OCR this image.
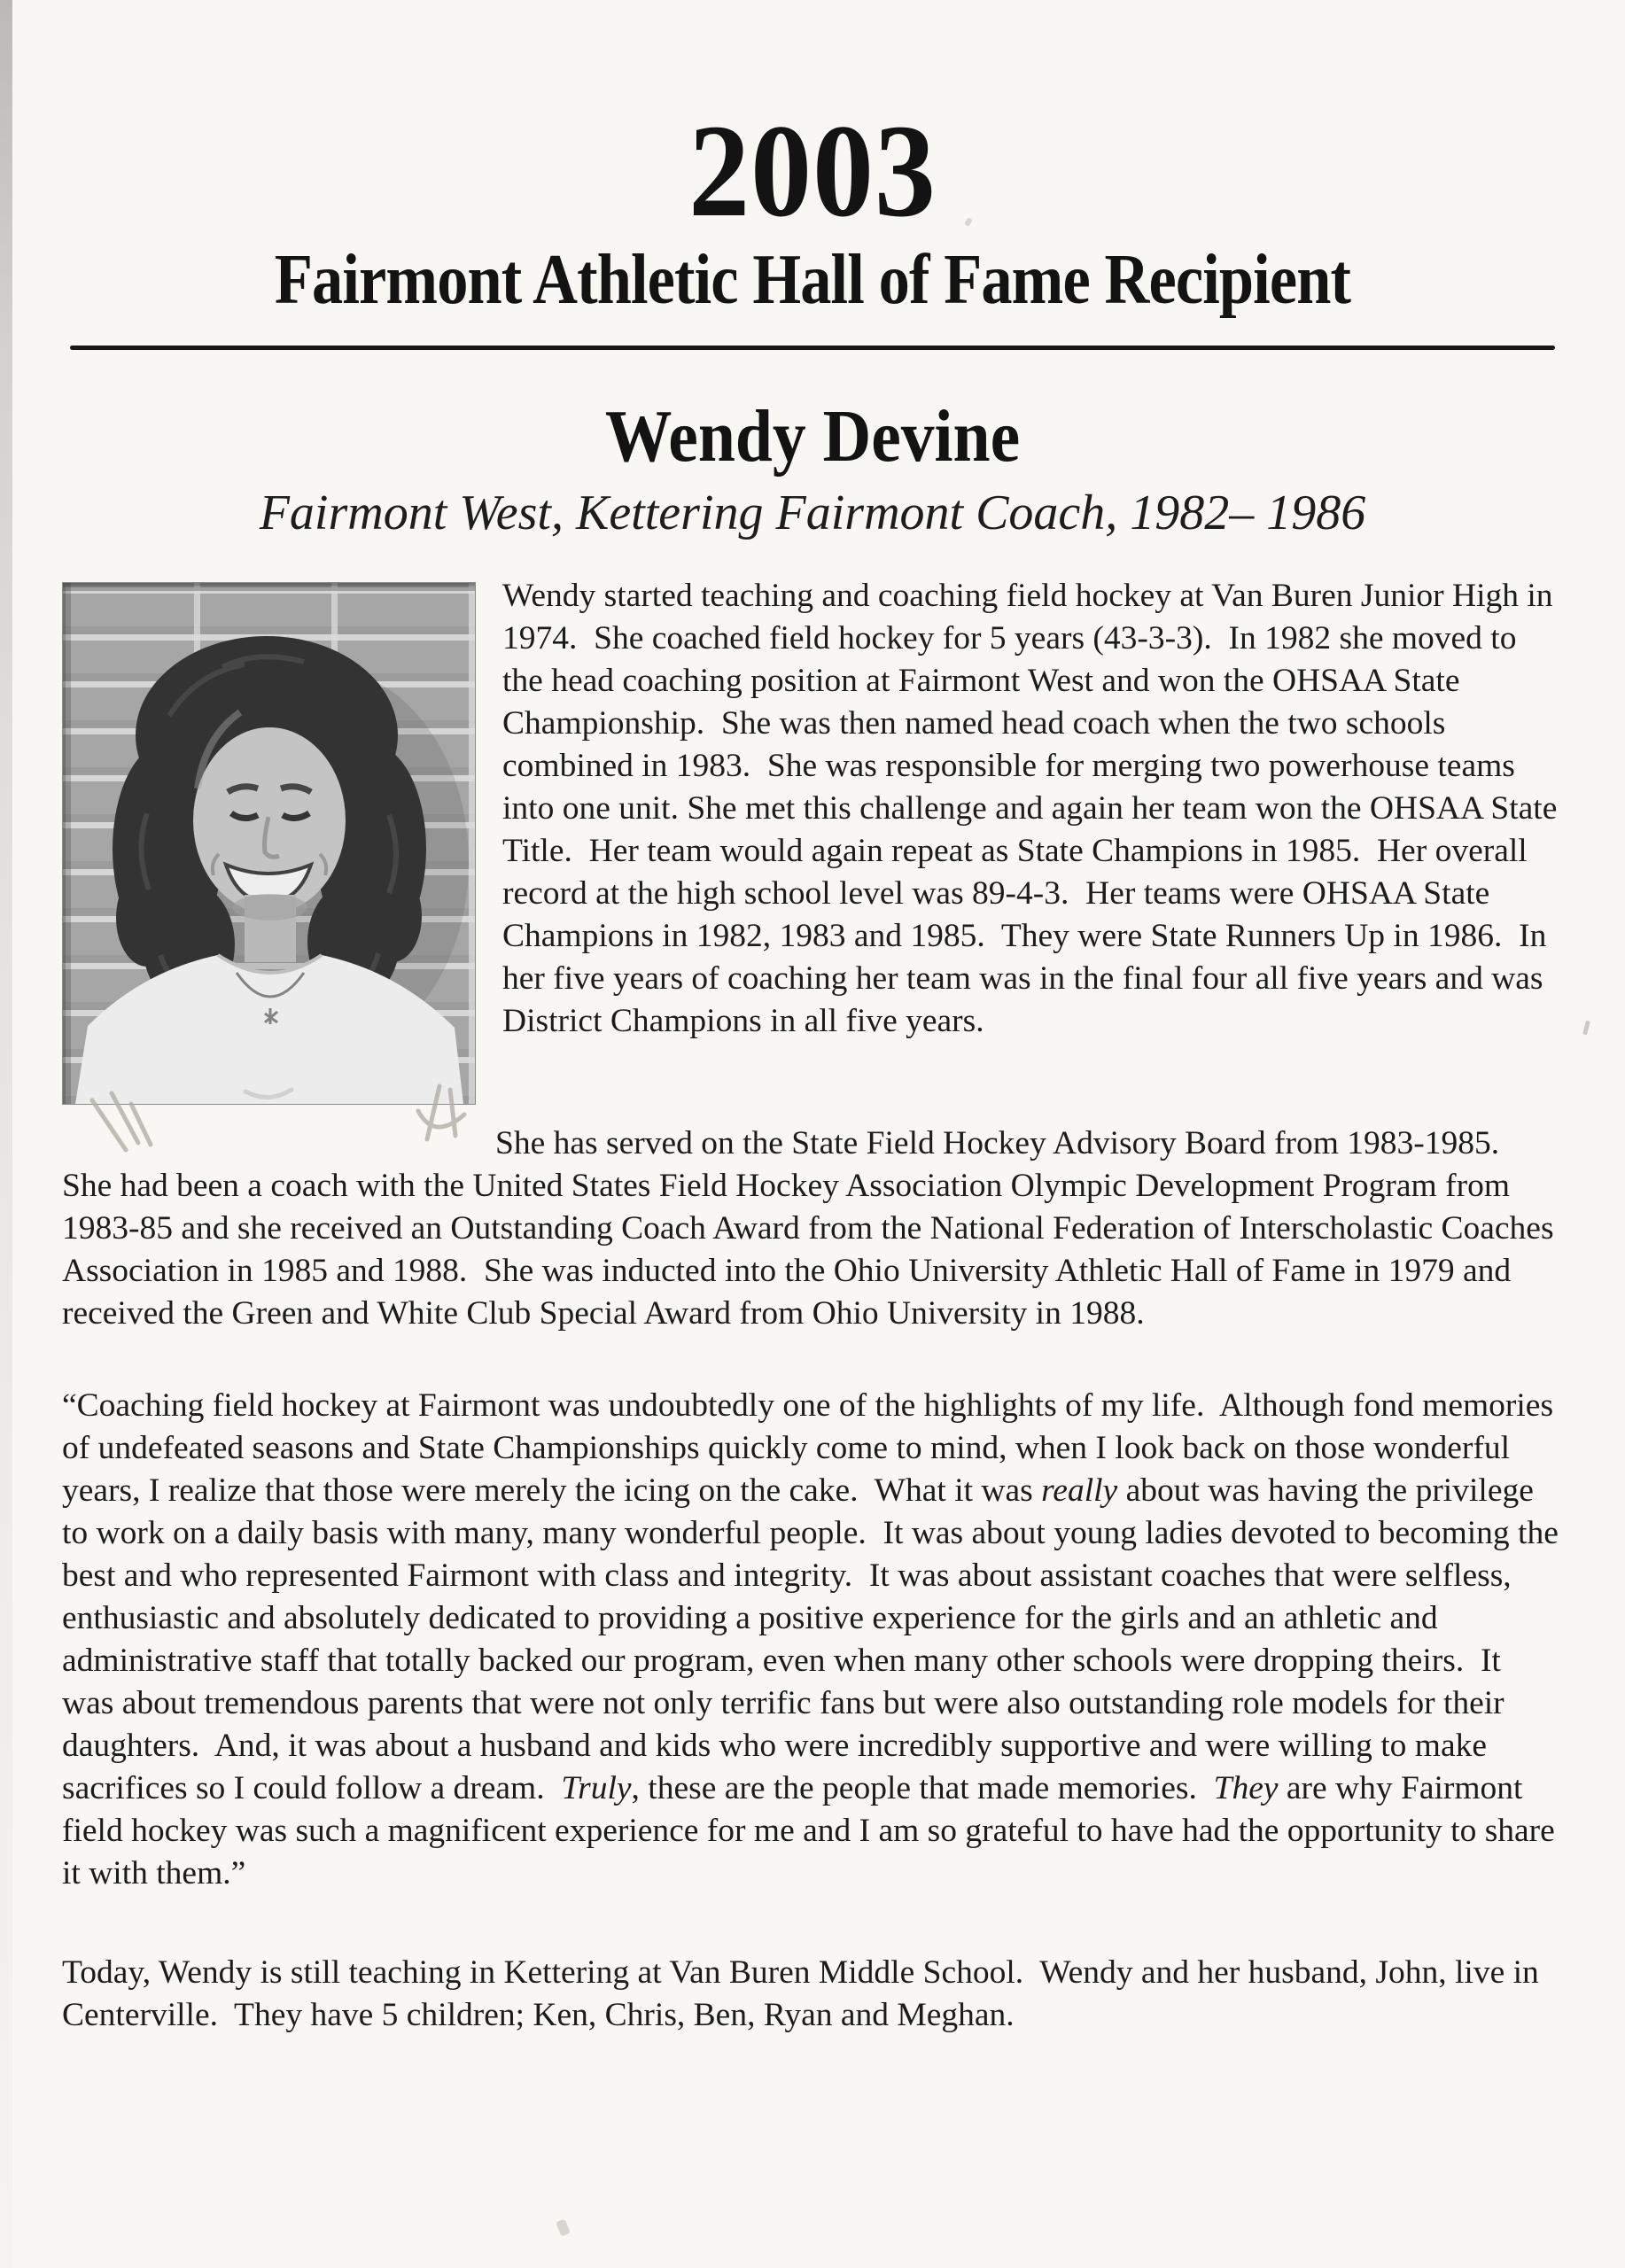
2003
Fairmont Athletic Hall of Fame Recipient
Wendy Devine

Fairmont West, Kettering Fairmont Coach, 1982– 1986

Wendy started teaching and coaching field hockey at Van Buren Junior High in 1974.  She coached field hockey for 5 years (43-3-3).  In 1982 she moved to the head coaching position at Fairmont West and won the OHSAA State Championship.  She was then named head coach when the two schools combined in 1983.  She was responsible for merging two powerhouse teams into one unit. She met this challenge and again her team won the OHSAA State Title.  Her team would again repeat as State Champions in 1985.  Her overall record at the high school level was 89-4-3.  Her teams were OHSAA State Champions in 1982, 1983 and 1985.  They were State Runners Up in 1986.  In her five years of coaching her team was in the final four all five years and was District Champions in all five years.

She has served on the State Field Hockey Advisory Board from 1983-1985.  She had been a coach with the United States Field Hockey Association Olympic Development Program from 1983-85 and she received an Outstanding Coach Award from the National Federation of Interscholastic Coaches Association in 1985 and 1988.  She was inducted into the Ohio University Athletic Hall of Fame in 1979 and received the Green and White Club Special Award from Ohio University in 1988.

“Coaching field hockey at Fairmont was undoubtedly one of the highlights of my life.  Although fond memories of undefeated seasons and State Championships quickly come to mind, when I look back on those wonderful years, I realize that those were merely the icing on the cake.  What it was really about was having the privilege to work on a daily basis with many, many wonderful people.  It was about young ladies devoted to becoming the best and who represented Fairmont with class and integrity.  It was about assistant coaches that were selfless, enthusiastic and absolutely dedicated to providing a positive experience for the girls and an athletic and administrative staff that totally backed our program, even when many other schools were dropping theirs.  It was about tremendous parents that were not only terrific fans but were also outstanding role models for their daughters.  And, it was about a husband and kids who were incredibly supportive and were willing to make sacrifices so I could follow a dream.  Truly, these are the people that made memories.  They are why Fairmont field hockey was such a magnificent experience for me and I am so grateful to have had the opportunity to share it with them.”

Today, Wendy is still teaching in Kettering at Van Buren Middle School.  Wendy and her husband, John, live in Centerville.  They have 5 children; Ken, Chris, Ben, Ryan and Meghan.
